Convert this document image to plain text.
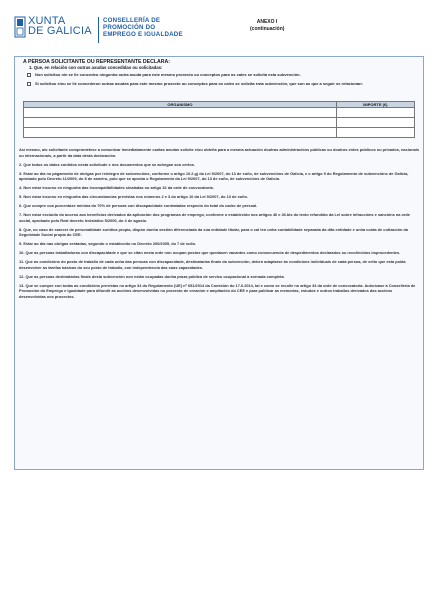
XUNTA
DE GALICIA
CONSELLERÍA DE
PROMOCIÓN DO
EMPREGO E IGUALDADE
ANEXO I
(continuación)
A PERSOA SOLICITANTE OU REPRESENTANTE DECLARA:
1. Que, en relación con outras axudas concedidas ou solicitadas:
Non solicitou nin se lle concedeu ningunha outra axuda para este mesmo proxecto ou conceptos para os cales se solicita esta subvención.
Si solicitou e/ou se lle concederon outras axudas para este mesmo proxecto ou conceptos para os cales se solicita esta subvención, que son as que a seguir se relacionan:
ORGANISMO	IMPORTE (€)

Así mesmo, a/o solicitante comprométese a comunicar inmediatamente cantas axudas solicite e/ou obteña para a mesma actuación doutras administracións públicas ou doutros entes públicos ou privados, nacionais ou internacionais, a partir da data desta declaración.

2. Que todos os datos contidos nesta solicitude e nos documentos que se achegan son certos.

3. Estar ao día no pagamento de obrigas por reintegro de subvencións, conforme o artigo 10.2.g) da Lei 9/2007, do 13 de xuño, de subvencións de Galicia, e o artigo 9 do Regulamento de subvencións de Galicia, aprobado polo Decreto 11/2009, do 8 de xaneiro, polo que se aproba o Regulamento da Lei 9/2007, do 13 de xuño, de subvencións de Galicia.

4. Non estar incurso en ningunha das incompatibilidades sinaladas no artigo 32 da orde de convocatoria.

5. Non estar incurso en ningunha das circunstancias previstas nos números 2 e 3 do artigo 10 da Lei 9/2007, do 13 de xuño.

6. Que cumpre coa porcentaxe mínima do 70% de persoas con discapacidade contratadas respecto do total do cadro de persoal.

7. Non estar excluído do acceso aos beneficios derivados da aplicación dos programas de emprego, conforme o establecido nos artigos 46 e 46.bis do texto refundido da Lei sobre infraccións e sancións na orde social, aprobado polo Real decreto lexislativo 5/2000, do 4 de agosto.

8. Que, no caso de carecer de personalidade xurídica propia, dispón dunha xestión diferenciada da súa entidade titular, para o cal ten unha contabilidade separada da dita entidade e unha conta de cotización da Seguridade Social propia do CEE.

9. Estar ao día nas obrigas xestadas, segundo o establecido no Decreto 200/2005, do 7 de xullo.

10. Que as persoas traballadoras con discapacidade e que se citan nesta orde non ocupan postos que quedasen vacantes como consecuencia de despedimentos declarados ou recoñecidos improcedentes.

11. Que as condicións do posto de traballo de cada unha das persoas con discapacidade, destinatarias finais da subvención, deben adaptarse ás condicións individuais de cada persoa, de xeito que esta poida desenvolver as tarefas básicas do seu posto de traballo, con independencia das súas capacidades.

12. Que as persoas destinatarias finais desta subvención non están ocupadas dunha praza pública de servizo ocupacional a xornada completa.

13. Que se cumpre con todas as condicións previstas no artigo 34 do Regulamento (UE) nº 651/2014 da Comisión do 17.6.2014, tal e como se recolle no artigo 34 da orde de convocatoria. Autorízase á Consellería de Promoción do Emprego e Igualdade para difundir as accións desenvolvidas no proxecto de creación e ampliación do CEE e para publicar as memorias, estudos e outros traballos derivados das accións desenvolvidas nos proxectos.
